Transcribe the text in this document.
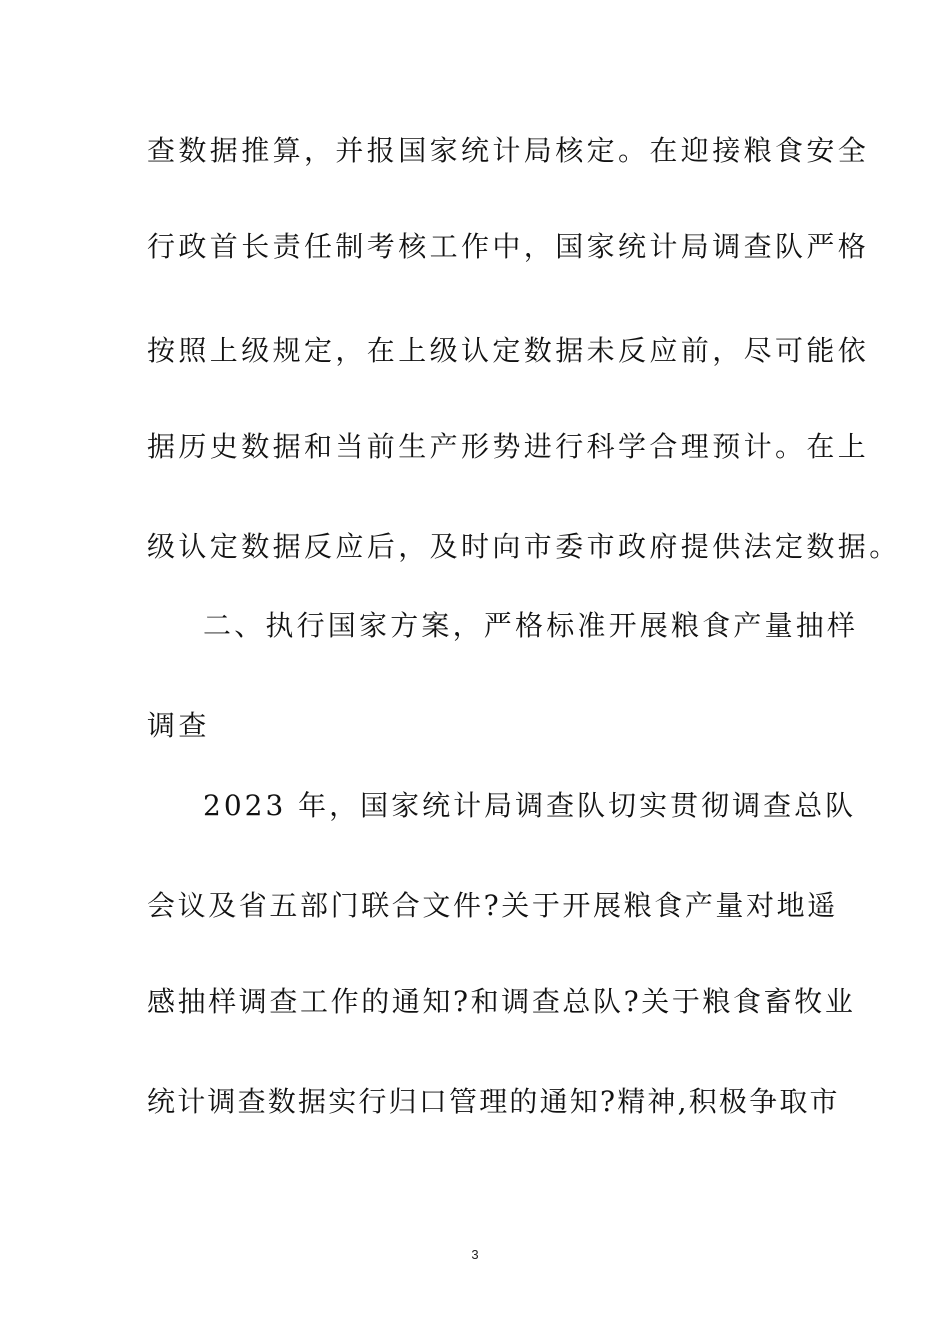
查数据推算，并报国家统计局核定。在迎接粮食安全
行政首长责任制考核工作中，国家统计局调查队严格
按照上级规定，在上级认定数据未反应前，尽可能依
据历史数据和当前生产形势进行科学合理预计。在上
级认定数据反应后，及时向市委市政府提供法定数据。
二、执行国家方案，严格标准开展粮食产量抽样
调查
2023 年，国家统计局调查队切实贯彻调查总队
会议及省五部门联合文件?关于开展粮食产量对地遥
感抽样调查工作的通知?和调查总队?关于粮食畜牧业
统计调查数据实行归口管理的通知?精神,积极争取市
3
